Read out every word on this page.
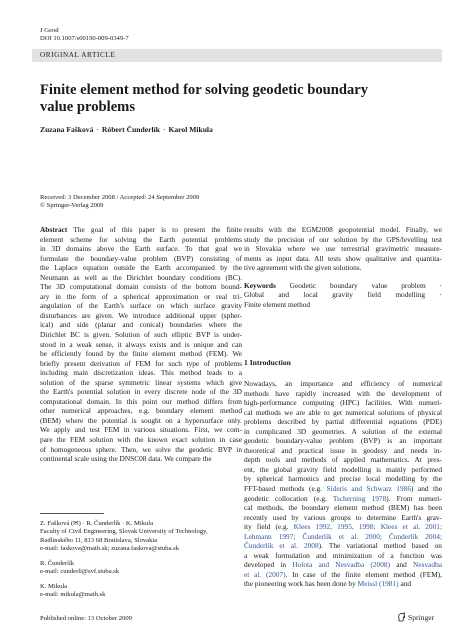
J Geod
DOI 10.1007/s00190-009-0349-7
ORIGINAL ARTICLE
Finite element method for solving geodetic boundary
value problems
Zuzana Fašková · Róbert Čunderlík · Karol Mikula
Received: 3 December 2008 / Accepted: 24 September 2009
© Springer-Verlag 2009
Abstract The goal of this paper is to present the finite
element scheme for solving the Earth potential problems
in 3D domains above the Earth surface. To that goal we
formulate the boundary-value problem (BVP) consisting of
the Laplace equation outside the Earth accompanied by the
Neumann as well as the Dirichlet boundary conditions (BC).
The 3D computational domain consists of the bottom bound-
ary in the form of a spherical approximation or real tri-
angulation of the Earth's surface on which surface gravity
disturbances are given. We introduce additional upper (spher-
ical) and side (planar and conical) boundaries where the
Dirichlet BC is given. Solution of such elliptic BVP is under-
stood in a weak sense, it always exists and is unique and can
be efficiently found by the finite element method (FEM). We
briefly present derivation of FEM for such type of problems
including main discretization ideas. This method leads to a
solution of the sparse symmetric linear systems which give
the Earth's potential solution in every discrete node of the 3D
computational domain. In this point our method differs from
other numerical approaches, e.g. boundary element method
(BEM) where the potential is sought on a hypersurface only.
We apply and test FEM in various situations. First, we com-
pare the FEM solution with the known exact solution in case
of homogeneous sphere. Then, we solve the geodetic BVP in
continental scale using the DNSC08 data. We compare the
results with the EGM2008 geopotential model. Finally, we
study the precision of our solution by the GPS/levelling test
in Slovakia where we use terrestrial gravimetric measure-
ments as input data. All tests show qualitative and quantita-
tive agreement with the given solutions.
Keywords Geodetic boundary value problem ·
Global and local gravity field modelling ·
Finite element method
1 Introduction
Nowadays, an importance and efficiency of numerical
methods have rapidly increased with the development of
high-performance computing (HPC) facilities. With numeri-
cal methods we are able to get numerical solutions of physical
problems described by partial differential equations (PDE)
in complicated 3D geometries. A solution of the external
geodetic boundary-value problem (BVP) is an important
theoretical and practical issue in geodesy and needs in-
depth tools and methods of applied mathematics. At pres-
ent, the global gravity field modelling is mainly performed
by spherical harmonics and precise local modelling by the
FFT-based methods (e.g. Sideris and Schwarz 1986) and the
geodetic collocation (e.g. Tscherning 1978). From numeri-
cal methods, the boundary element method (BEM) has been
recently used by various groups to determine Earth's grav-
ity field (e.g. Klees 1992, 1995, 1998; Klees et al. 2001;
Lehmann 1997; Čunderlík et al. 2000; Čunderlík 2004;
Čunderlík et al. 2008). The variational method based on
a weak formulation and minimization of a function was
developed in Holota and Nesvadba (2008) and Nesvadba
et al. (2007). In case of the finite element method (FEM),
the pioneering work has been done by Meissl (1981) and
Z. Fašková (✉) · R. Čunderlík · K. Mikula
Faculty of Civil Engineering, Slovak University of Technology,
Radlinského 11, 813 68 Bratislava, Slovakia
e-mail: faskova@math.sk; zuzana.faskova@stuba.sk
R. Čunderlík
e-mail: cunderli@svf.stuba.sk
K. Mikula
e-mail: mikula@math.sk
Published online: 13 October 2009	Springer
